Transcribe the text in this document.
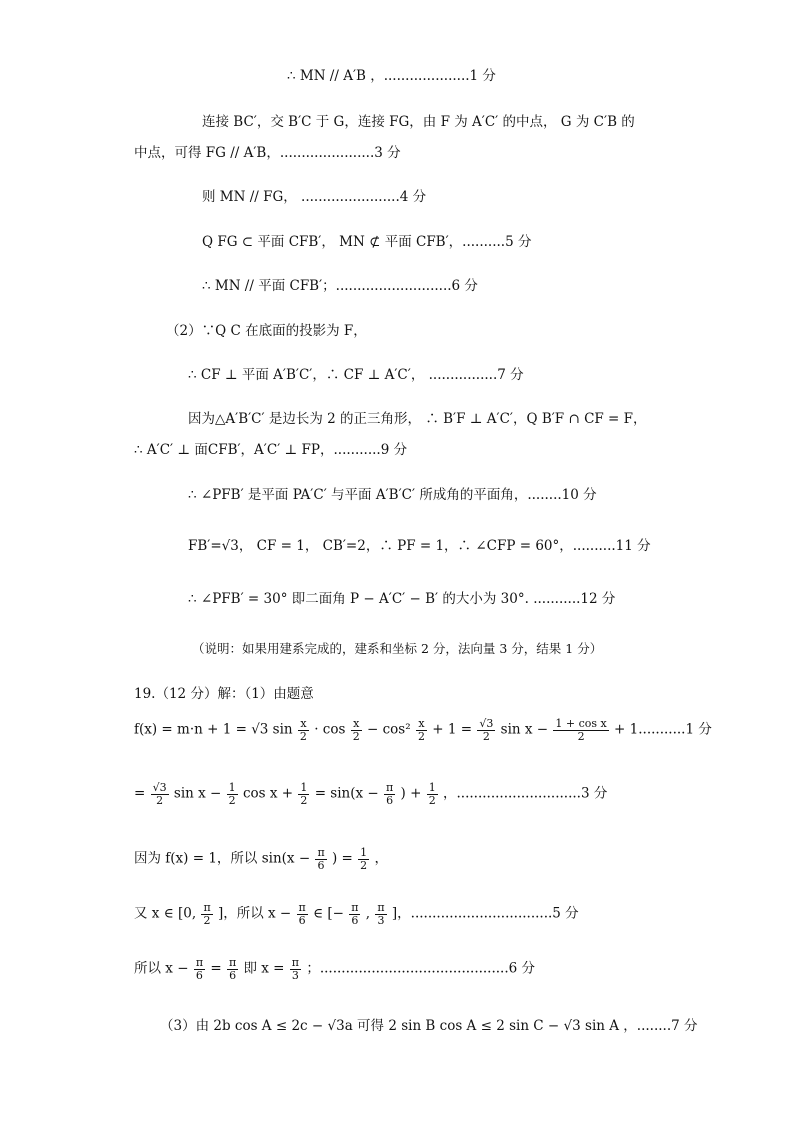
∴ MN // A′B ，....................1 分
连接 BC′，交 B′C 于 G，连接 FG，由 F 为 A′C′ 的中点， G 为 C′B 的
中点，可得 FG // A′B，......................3 分
则 MN // FG， .......................4 分
Q FG ⊂ 平面 CFB′， MN ⊄ 平面 CFB′，..........5 分
∴ MN // 平面 CFB′；...........................6 分
（2）∵Q C 在底面的投影为 F，
∴ CF ⊥ 平面 A′B′C′，∴ CF ⊥ A′C′， ................7 分
因为△A′B′C′ 是边长为 2 的正三角形， ∴ B′F ⊥ A′C′，Q B′F ∩ CF = F，
∴ A′C′ ⊥ 面CFB′，A′C′ ⊥ FP，...........9 分
∴ ∠PFB′ 是平面 PA′C′ 与平面 A′B′C′ 所成角的平面角，........10 分
FB′=√3， CF = 1， CB′=2，∴ PF = 1，∴ ∠CFP = 60°，..........11 分
∴ ∠PFB′ = 30° 即二面角 P − A′C′ − B′ 的大小为 30°. ...........12 分
（说明：如果用建系完成的，建系和坐标 2 分，法向量 3 分，结果 1 分）
19.（12 分）解：（1）由题意
f(x) = m·n + 1 = √3 $\sin \frac{x}{2} \cdot \cos \frac{x}{2} - \cos^2 \frac{x}{2} + 1 = \frac{√3}{2}$ $\sin x - \frac{\text{1 + cos x}}{2} + 1...........1$ 分
= $\frac{√3}{2}$ $\sin x - \frac{1}{2}$ $\cos x + \frac{1}{2} = \sin(x - \frac{\pi}{6}$ ) + $\frac{1}{2}$ ，.............................3 分
因为 f(x) = 1，所以 $\sin(x - \frac{\pi}{6}$ ) = $\frac{1}{2}$ ，
又 x ∈ [0, $\frac{\pi}{2}$ ]，所以 $x - \frac{\pi}{6}$ ∈ [− $\frac{\pi}{6}$ , $\frac{\pi}{3}$ ]，.................................5 分
所以 $x - \frac{\pi}{6} = \frac{\pi}{6}$ 即 $x = \frac{\pi}{3}$ ；............................................6 分
（3）由 2b cos A ≤ 2c − √3a 可得 2 sin B cos A ≤ 2 sin C − √3 sin A ，........7 分
